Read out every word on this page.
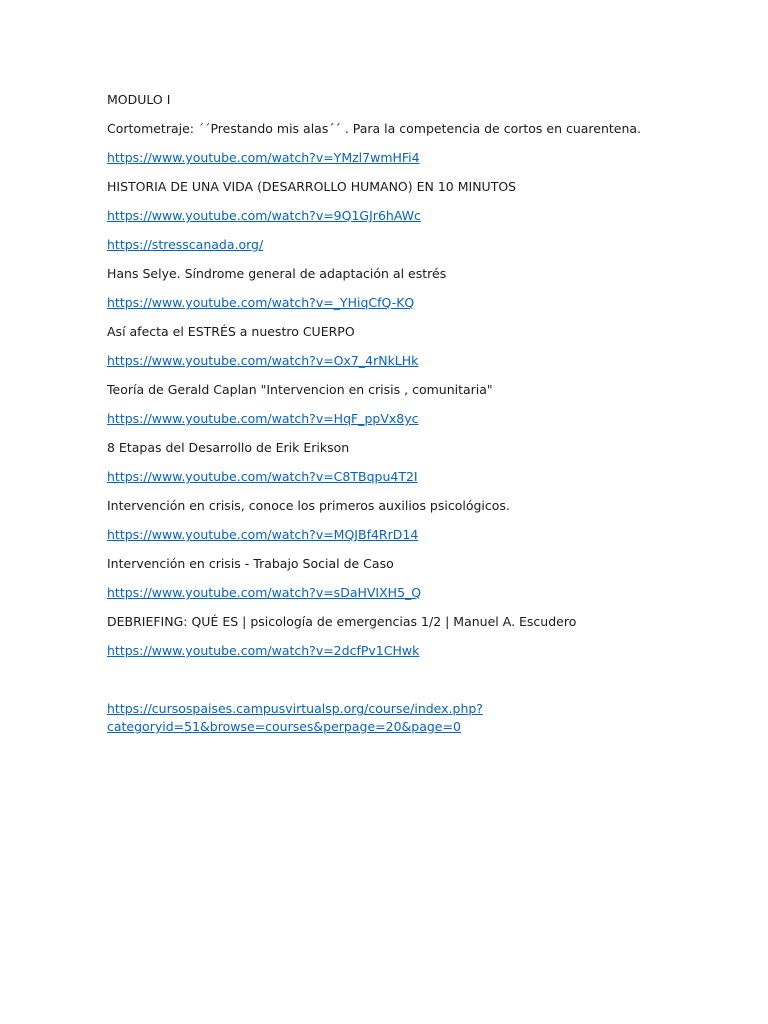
MODULO I
Cortometraje: ´´Prestando mis alas´´ . Para la competencia de cortos en cuarentena.
https://www.youtube.com/watch?v=YMzl7wmHFi4
HISTORIA DE UNA VIDA (DESARROLLO HUMANO) EN 10 MINUTOS
https://www.youtube.com/watch?v=9Q1GJr6hAWc
https://stresscanada.org/
Hans Selye. Síndrome general de adaptación al estrés
https://www.youtube.com/watch?v=_YHiqCfQ-KQ
Así afecta el ESTRÉS a nuestro CUERPO
https://www.youtube.com/watch?v=Ox7_4rNkLHk
Teoría de Gerald Caplan "Intervencion en crisis , comunitaria"
https://www.youtube.com/watch?v=HqF_ppVx8yc
8 Etapas del Desarrollo de Erik Erikson
https://www.youtube.com/watch?v=C8TBqpu4T2I
Intervención en crisis, conoce los primeros auxilios psicológicos.
https://www.youtube.com/watch?v=MQJBf4RrD14
Intervención en crisis - Trabajo Social de Caso
https://www.youtube.com/watch?v=sDaHVIXH5_Q
DEBRIEFING: QUÉ ES | psicología de emergencias 1/2 | Manuel A. Escudero
https://www.youtube.com/watch?v=2dcfPv1CHwk
https://cursospaises.campusvirtualsp.org/course/index.php?
categoryid=51&browse=courses&perpage=20&page=0
